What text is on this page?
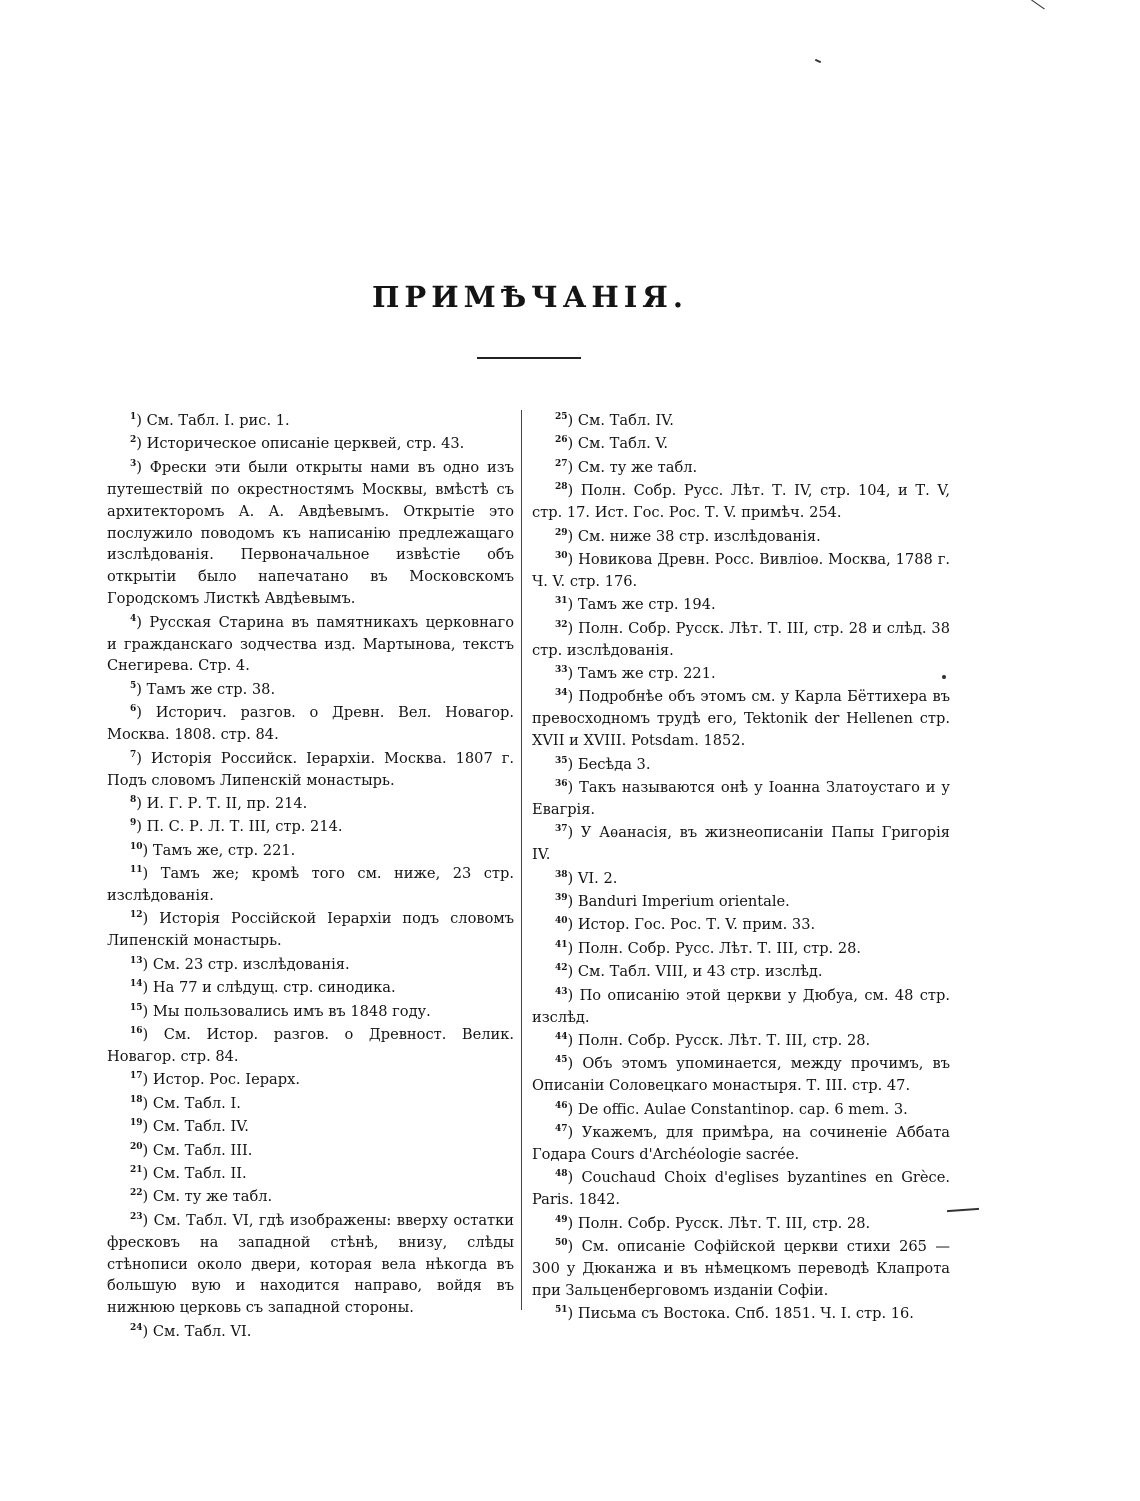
ПРИМѢЧАНІЯ.

$^1$) См. Табл. I. рис. 1.

$^2$) Историческое описаніе церквей, стр. 43.

$^3$) Фрески эти были открыты нами въ одно изъ путешествій по окрестностямъ Москвы, вмѣстѣ съ архитекторомъ А. А. Авдѣевымъ. Открытіе это послужило поводомъ къ написанію предлежащаго изслѣдованія. Первоначальное извѣстіе объ открытіи было напечатано въ Московскомъ Городскомъ Листкѣ Авдѣевымъ.

$^4$) Русская Старина въ памятникахъ церковнаго и гражданскаго зодчества изд. Мартынова, текстъ Снегирева. Стр. 4.

$^5$) Тамъ же стр. 38.

$^6$) Историч. разгов. о Древн. Вел. Новагор. Москва. 1808. стр. 84.

$^7$) Исторія Российск. Іерархіи. Москва. 1807 г. Подъ словомъ Липенскій монастырь.

$^8$) И. Г. Р. Т. II, пр. 214.

$^9$) П. С. Р. Л. Т. III, стр. 214.

$^{10}$) Тамъ же, стр. 221.

$^{11}$) Тамъ же; кромѣ того см. ниже, 23 стр. изслѣдованія.

$^{12}$) Исторія Россійской Іерархіи подъ словомъ Липенскій монастырь.

$^{13}$) См. 23 стр. изслѣдованія.

$^{14}$) На 77 и слѣдущ. стр. синодика.

$^{15}$) Мы пользовались имъ въ 1848 году.

$^{16}$) См. Истор. разгов. о Древност. Велик. Новагор. стр. 84.

$^{17}$) Истор. Рос. Іерарх.

$^{18}$) См. Табл. I.

$^{19}$) См. Табл. IV.

$^{20}$) См. Табл. III.

$^{21}$) См. Табл. II.

$^{22}$) См. ту же табл.

$^{23}$) См. Табл. VI, гдѣ изображены: вверху остатки фресковъ на западной стѣнѣ, внизу, слѣды стѣнописи около двери, которая вела нѣкогда въ большую вую и находится направо, войдя въ нижнюю церковь съ западной стороны.

$^{24}$) См. Табл. VI.

$^{25}$) См. Табл. IV.

$^{26}$) См. Табл. V.

$^{27}$) См. ту же табл.

$^{28}$) Полн. Собр. Русс. Лѣт. Т. IV, стр. 104, и Т. V, стр. 17. Ист. Гос. Рос. Т. V. примѣч. 254.

$^{29}$) См. ниже 38 стр. изслѣдованія.

$^{30}$) Новикова Древн. Росс. Вивліоѳ. Москва, 1788 г. Ч. V. стр. 176.

$^{31}$) Тамъ же стр. 194.

$^{32}$) Полн. Собр. Русск. Лѣт. Т. III, стр. 28 и слѣд. 38 стр. изслѣдованія.

$^{33}$) Тамъ же стр. 221.

$^{34}$) Подробнѣе объ этомъ см. у Карла Бёттихера въ превосходномъ трудѣ его, Tektonik der Hellenen стр. XVII и XVIII. Potsdam. 1852.

$^{35}$) Бесѣда 3.

$^{36}$) Такъ называются онѣ у Іоанна Златоустаго и у Евагрія.

$^{37}$) У Аѳанасія, въ жизнеописаніи Папы Григорія IV.

$^{38}$) VI. 2.

$^{39}$) Banduri Imperium orientale.

$^{40}$) Истор. Гос. Рос. Т. V. прим. 33.

$^{41}$) Полн. Собр. Русс. Лѣт. Т. III, стр. 28.

$^{42}$) См. Табл. VIII, и 43 стр. изслѣд.

$^{43}$) По описанію этой церкви у Дюбуа, см. 48 стр. изслѣд.

$^{44}$) Полн. Собр. Русск. Лѣт. Т. III, стр. 28.

$^{45}$) Объ этомъ упоминается, между прочимъ, въ Описаніи Соловецкаго монастыря. Т. III. стр. 47.

$^{46}$) De offic. Aulae Constantinop. cap. 6 mem. 3.

$^{47}$) Укажемъ, для примѣра, на сочиненіе Аббата Годара Cours d'Archéologie sacrée.

$^{48}$) Couchaud Choix d'eglises byzantines en Grèce. Paris. 1842.

$^{49}$) Полн. Собр. Русск. Лѣт. Т. III, стр. 28.

$^{50}$) См. описаніе Софійской церкви стихи 265 — 300 у Дюканжа и въ нѣмецкомъ переводѣ Клапрота при Зальценберговомъ изданіи Софіи.

$^{51}$) Письма съ Востока. Спб. 1851. Ч. I. стр. 16.
